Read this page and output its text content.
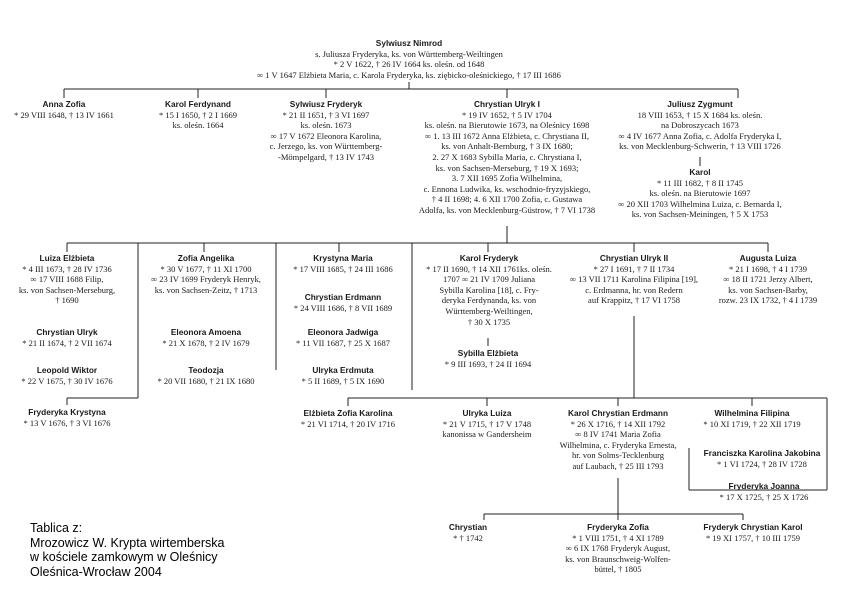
Sylwiusz Nimrod
s. Juliusza Fryderyka, ks. von Württemberg-Weiltingen
* 2 V 1622, † 26 IV 1664 ks. oleśn. od 1648
∞ 1 V 1647 Elżbieta Maria, c. Karola Fryderyka, ks. ziębicko-oleśnickiego, † 17 III 1686
Anna Zofia
* 29 VIII 1648, † 13 IV 1661
Karol Ferdynand
* 15 I 1650, † 2 I 1669
ks. oleśn. 1664
Sylwiusz Fryderyk
* 21 II 1651, † 3 VI 1697
ks. oleśn. 1673
∞ 17 V 1672 Eleonora Karolina,
c. Jerzego, ks. von Württemberg-
-Mömpelgard, † 13 IV 1743
Chrystian Ulryk I
* 19 IV 1652, † 5 IV 1704
ks. oleśn. na Bierutowie 1673, na Oleśnicy 1698
∞ 1. 13 III 1672 Anna Elżbieta, c. Chrystiana II,
ks. von Anhalt-Bernburg, † 3 IX 1680;
2. 27 X 1683 Sybilla Maria, c. Chrystiana I,
ks. von Sachsen-Merseburg, † 19 X 1693;
3. 7 XII 1695 Zofia Wilhelmina,
c. Ennona Ludwika, ks. wschodnio-fryzyjskiego,
† 4 II 1698; 4. 6 XII 1700 Zofia, c. Gustawa
Adolfa, ks. von Mecklenburg-Güstrow, † 7 VI 1738
Juliusz Zygmunt
18 VIII 1653, † 15 X 1684 ks. oleśn.
na Dobroszycach 1673
∞ 4 IV 1677 Anna Zofia, c. Adolfa Fryderyka I,
ks. von Mecklenburg-Schwerin, † 13 VIII 1726
Karol
* 11 III 1682, † 8 II 1745
ks. oleśn. na Bierutowie 1697
∞ 20 XII 1703 Wilhelmina Luiza, c. Bernarda I,
ks. von Sachsen-Meiningen, † 5 X 1753
Luiza Elżbieta
* 4 III 1673, † 28 IV 1736
∞ 17 VIII 1688 Filip,
ks. von Sachsen-Merseburg,
† 1690
Chrystian Ulryk
* 21 II 1674, † 2 VII 1674
Leopold Wiktor
* 22 V 1675, † 30 IV 1676
Fryderyka Krystyna
* 13 V 1676, † 3 VI 1676
Zofia Angelika
* 30 V 1677, † 11 XI 1700
∞ 23 IV 1699 Fryderyk Henryk,
ks. von Sachsen-Zeitz, † 1713
Eleonora Amoena
* 21 X 1678, † 2 IV 1679
Teodozja
* 20 VII 1680, † 21 IX 1680
Krystyna Maria
* 17 VIII 1685, † 24 III 1686
Chrystian Erdmann
* 24 VIII 1686, † 8 VII 1689
Eleonora Jadwiga
* 11 VII 1687, † 25 X 1687
Ulryka Erdmuta
* 5 II 1689, † 5 IX 1690
Karol Fryderyk
* 17 II 1690, † 14 XII 1761ks. oleśn.
1707 ∞ 21 IV 1709 Juliana
Sybilla Karolina [18], c. Fry-
deryka Ferdynanda, ks. von
Württemberg-Weiltingen,
† 30 X 1735
Sybilla Elżbieta
* 9 III 1693, † 24 II 1694
Chrystian Ulryk II
* 27 I 1691, † 7 II 1734
∞ 13 VII 1711 Karolina Filipina [19],
c. Erdmanna, hr. von Redern
auf Krappitz, † 17 VI 1758
Augusta Luiza
* 21 I 1698, † 4 I 1739
∞ 18 II 1721 Jerzy Albert,
ks. von Sachsen-Barby,
rozw. 23 IX 1732, † 4 I 1739
Elżbieta Zofia Karolina
* 21 VI 1714, † 20 IV 1716
Ulryka Luiza
* 21 V 1715, † 17 V 1748
kanonissa w Gandersheim
Karol Chrystian Erdmann
* 26 X 1716, † 14 XII 1792
∞ 8 IV 1741 Maria Zofia
Wilhelmina, c. Fryderyka Ernesta,
hr. von Solms-Tecklenburg
auf Laubach, † 25 III 1793
Wilhelmina Filipina
* 10 XI 1719, † 22 XII 1719
Franciszka Karolina Jakobina
* 1 VI 1724, † 28 IV 1728
Fryderyka Joanna
* 17 X 1725, † 25 X 1726
Chrystian
* † 1742
Fryderyka Zofia
* 1 VIII 1751, † 4 XI 1789
∞ 6 IX 1768 Fryderyk August,
ks. von Braunschweig-Wolfen-
büttel, † 1805
Fryderyk Chrystian Karol
* 19 XI 1757, † 10 III 1759
Tablica z:
Mrozowicz W. Krypta wirtemberska
w kościele zamkowym w Oleśnicy
Oleśnica-Wrocław 2004
